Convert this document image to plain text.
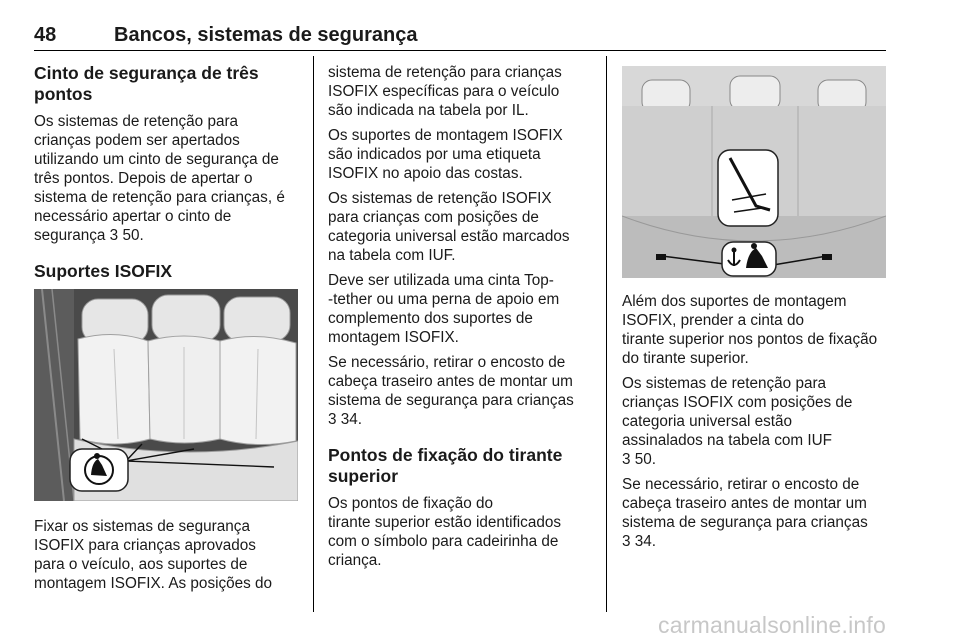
48	Bancos, sistemas de segurança
Cinto de segurança de três
pontos

Os sistemas de retenção para
crianças podem ser apertados
utilizando um cinto de segurança de
três pontos. Depois de apertar o
sistema de retenção para crianças, é
necessário apertar o cinto de
segurança 3 50.

Suportes ISOFIX

Fixar os sistemas de segurança
ISOFIX para crianças aprovados
para o veículo, aos suportes de
montagem ISOFIX. As posições do

sistema de retenção para crianças
ISOFIX específicas para o veículo
são indicada na tabela por IL.

Os suportes de montagem ISOFIX
são indicados por uma etiqueta
ISOFIX no apoio das costas.

Os sistemas de retenção ISOFIX
para crianças com posições de
categoria universal estão marcados
na tabela com IUF.

Deve ser utilizada uma cinta Top-
-tether ou uma perna de apoio em
complemento dos suportes de
montagem ISOFIX.

Se necessário, retirar o encosto de
cabeça traseiro antes de montar um
sistema de segurança para crianças
3 34.

Pontos de fixação do tirante
superior

Os pontos de fixação do
tirante superior estão identificados
com o símbolo para cadeirinha de
criança.

Além dos suportes de montagem
ISOFIX, prender a cinta do
tirante superior nos pontos de fixação
do tirante superior.

Os sistemas de retenção para
crianças ISOFIX com posições de
categoria universal estão
assinalados na tabela com IUF
3 50.

Se necessário, retirar o encosto de
cabeça traseiro antes de montar um
sistema de segurança para crianças
3 34.

carmanualsonline.info
